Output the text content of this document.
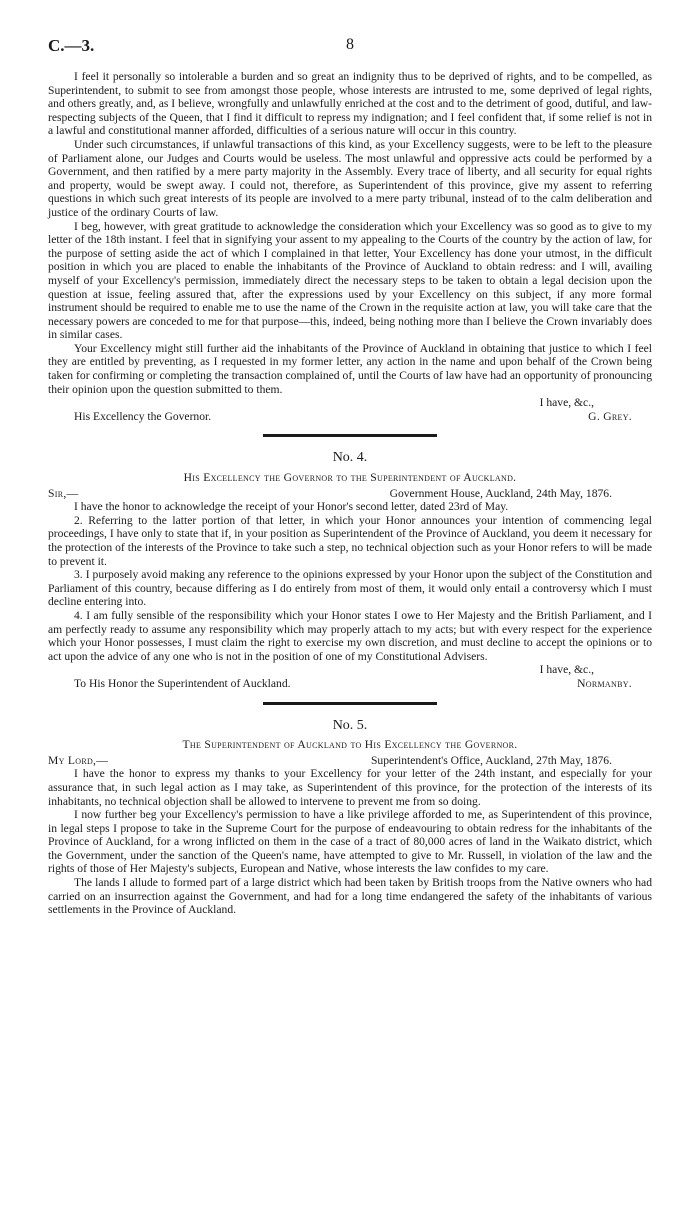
C.—3.	8

I feel it personally so intolerable a burden and so great an indignity thus to be deprived of rights, and to be compelled, as Superintendent, to submit to see from amongst those people, whose interests are intrusted to me, some deprived of legal rights, and others greatly, and, as I believe, wrongfully and unlawfully enriched at the cost and to the detriment of good, dutiful, and law-respecting subjects of the Queen, that I find it difficult to repress my indignation; and I feel confident that, if some relief is not in a lawful and constitutional manner afforded, difficulties of a serious nature will occur in this country.

Under such circumstances, if unlawful transactions of this kind, as your Excellency suggests, were to be left to the pleasure of Parliament alone, our Judges and Courts would be useless. The most unlawful and oppressive acts could be performed by a Government, and then ratified by a mere party majority in the Assembly. Every trace of liberty, and all security for equal rights and property, would be swept away. I could not, therefore, as Superintendent of this province, give my assent to referring questions in which such great interests of its people are involved to a mere party tribunal, instead of to the calm deliberation and justice of the ordinary Courts of law.

I beg, however, with great gratitude to acknowledge the consideration which your Excellency was so good as to give to my letter of the 18th instant. I feel that in signifying your assent to my appealing to the Courts of the country by the action of law, for the purpose of setting aside the act of which I complained in that letter, Your Excellency has done your utmost, in the difficult position in which you are placed to enable the inhabitants of the Province of Auckland to obtain redress: and I will, availing myself of your Excellency's permission, immediately direct the necessary steps to be taken to obtain a legal decision upon the question at issue, feeling assured that, after the expressions used by your Excellency on this subject, if any more formal instrument should be required to enable me to use the name of the Crown in the requisite action at law, you will take care that the necessary powers are conceded to me for that purpose—this, indeed, being nothing more than I believe the Crown invariably does in similar cases.

Your Excellency might still further aid the inhabitants of the Province of Auckland in obtaining that justice to which I feel they are entitled by preventing, as I requested in my former letter, any action in the name and upon behalf of the Crown being taken for confirming or completing the transaction complained of, until the Courts of law have had an opportunity of pronouncing their opinion upon the question submitted to them.

I have, &c.,
His Excellency the Governor.	G. Grey.
No. 4.
His Excellency the Governor to the Superintendent of Auckland.
Sir,—	Government House, Auckland, 24th May, 1876.

I have the honor to acknowledge the receipt of your Honor's second letter, dated 23rd of May.

2. Referring to the latter portion of that letter, in which your Honor announces your intention of commencing legal proceedings, I have only to state that if, in your position as Superintendent of the Province of Auckland, you deem it necessary for the protection of the interests of the Province to take such a step, no technical objection such as your Honor refers to will be made to prevent it.

3. I purposely avoid making any reference to the opinions expressed by your Honor upon the subject of the Constitution and Parliament of this country, because differing as I do entirely from most of them, it would only entail a controversy which I must decline entering into.

4. I am fully sensible of the responsibility which your Honor states I owe to Her Majesty and the British Parliament, and I am perfectly ready to assume any responsibility which may properly attach to my acts; but with every respect for the experience which your Honor possesses, I must claim the right to exercise my own discretion, and must decline to accept the opinions or to act upon the advice of any one who is not in the position of one of my Constitutional Advisers.

I have, &c.,
To His Honor the Superintendent of Auckland.	Normanby.
No. 5.
The Superintendent of Auckland to His Excellency the Governor.
My Lord,—	Superintendent's Office, Auckland, 27th May, 1876.

I have the honor to express my thanks to your Excellency for your letter of the 24th instant, and especially for your assurance that, in such legal action as I may take, as Superintendent of this province, for the protection of the interests of its inhabitants, no technical objection shall be allowed to intervene to prevent me from so doing.

I now further beg your Excellency's permission to have a like privilege afforded to me, as Superintendent of this province, in legal steps I propose to take in the Supreme Court for the purpose of endeavouring to obtain redress for the inhabitants of the Province of Auckland, for a wrong inflicted on them in the case of a tract of 80,000 acres of land in the Waikato district, which the Government, under the sanction of the Queen's name, have attempted to give to Mr. Russell, in violation of the law and the rights of those of Her Majesty's subjects, European and Native, whose interests the law confides to my care.

The lands I allude to formed part of a large district which had been taken by British troops from the Native owners who had carried on an insurrection against the Government, and had for a long time endangered the safety of the inhabitants of various settlements in the Province of Auckland.
